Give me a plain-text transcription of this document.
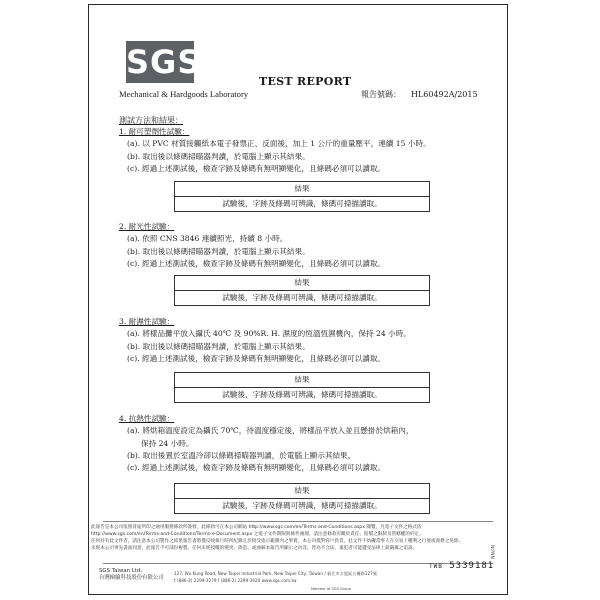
SGS
Mechanical & Hardgoods Laboratory
TEST REPORT
報告號碼： HL60492A/2015
測試方法和結果：
1. 耐可塑劑性試驗：
(a). 以 PVC 材質接觸紙本電子發票正、反面後，加上 1 公斤的重量壓平，連續 15 小時。
(b). 取出後以條碼掃瞄器判讀，於電腦上顯示其結果。
(c). 經過上述測試後，檢查字跡及條碼有無明顯變化，且條碼必須可以讀取。
結果
試驗後，字跡及條碼可辨識，條碼可掃描讀取。
2. 耐光性試驗：
(a). 依照 CNS 3846 連續照光，持續 8 小時。
(b). 取出後以條碼掃瞄器判讀，於電腦上顯示其結果。
(c). 經過上述測試後，檢查字跡及條碼有無明顯變化，且條碼必須可以讀取。
結果
試驗後，字跡及條碼可辨識，條碼可掃描讀取。
3. 耐濕性試驗：
(a). 將樣品攤平放入攝氏 40℃ 及 90%R. H. 濕度的恆溫恆濕機內，保持 24 小時。
(b). 取出後以條碼掃瞄器判讀，於電腦上顯示其結果。
(c). 經過上述測試後，檢查字跡及條碼有無明顯變化，且條碼必須可以讀取。
結果
試驗後，字跡及條碼可辨識，條碼可掃描讀取。
4. 抗熱性試驗：
(a). 將烘箱溫度設定為攝氏 70℃，待溫度穩定後，將樣品平放入並且懸掛於烘箱內，
保持 24 小時。
(b). 取出後置於室溫冷卻以條碼掃瞄器判讀，於電腦上顯示其結果。
(c). 經過上述測試後，檢查字跡及條碼有無明顯變化，且條碼必須可以讀取。
結果
試驗後，字跡及條碼可辨識，條碼可掃描讀取。
此報告是本公司依照背面所印之通用服務條款所簽發，此條款可在本公司網站 http://www.sgs.com/en/Terms-and-Conditions.aspx 閱覽，凡電子文件之格式依
http://www.sgs.com/en/Terms-and-Conditions/Terms-e-Document.aspx 之電子文件期限與條件處理。請注意條款有關於責任、賠償之限制及管轄權的約定。
任何持有此文件者，請注意本公司製作之結果報告書將僅反映執行時所紀錄且於接受指示範圍內之事實。本公司僅對客戶負責，此文件不妨礙當事人在交易上權利之行使或義務之免除。
未經本公司事先書面同意，此報告不可部份複製。任何未經授權的變更、偽造、或曲解本報告所顯示之內容，皆為不合法，違犯者可能遭受法律上最嚴厲之追訴。
SGS Taiwan Ltd.
台灣檢驗科技股份有限公司
127, Wu Kung Road, New Taipei Industrial Park, New Taipei City, Taiwan / 新北市五股區五權路127號
t (886-2) 2299-3279 f (886-2) 2299-3920 www.sgs.com.tw
TWB 5339181
NI?NN
Member of SGS Group
